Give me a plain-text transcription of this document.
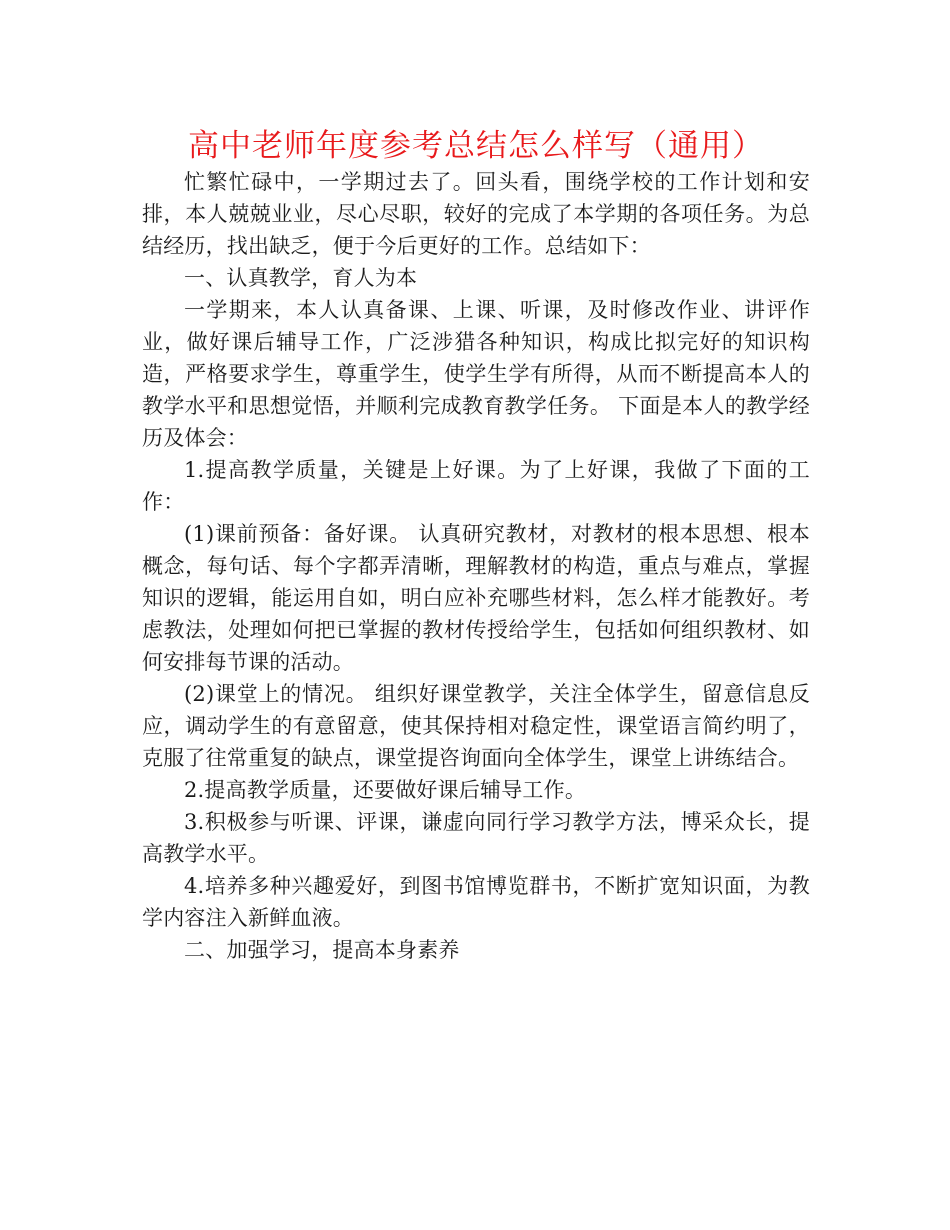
高中老师年度参考总结怎么样写（通用）

忙繁忙碌中，一学期过去了。回头看，围绕学校的工作计划和安排，本人兢兢业业，尽心尽职，较好的完成了本学期的各项任务。为总结经历，找出缺乏，便于今后更好的工作。总结如下：

一、认真教学，育人为本

一学期来，本人认真备课、上课、听课，及时修改作业、讲评作业，做好课后辅导工作，广泛涉猎各种知识，构成比拟完好的知识构造，严格要求学生，尊重学生，使学生学有所得，从而不断提高本人的教学水平和思想觉悟，并顺利完成教育教学任务。 下面是本人的教学经历及体会：

1.提高教学质量，关键是上好课。为了上好课，我做了下面的工作：

(1)课前预备：备好课。 认真研究教材，对教材的根本思想、根本概念，每句话、每个字都弄清晰，理解教材的构造，重点与难点，掌握知识的逻辑，能运用自如，明白应补充哪些材料，怎么样才能教好。考虑教法，处理如何把已掌握的教材传授给学生，包括如何组织教材、如何安排每节课的活动。

(2)课堂上的情况。 组织好课堂教学，关注全体学生，留意信息反应，调动学生的有意留意，使其保持相对稳定性，课堂语言简约明了，克服了往常重复的缺点，课堂提咨询面向全体学生，课堂上讲练结合。

2.提高教学质量，还要做好课后辅导工作。

3.积极参与听课、评课，谦虚向同行学习教学方法，博采众长，提高教学水平。

4.培养多种兴趣爱好，到图书馆博览群书，不断扩宽知识面，为教学内容注入新鲜血液。

二、加强学习，提高本身素养
